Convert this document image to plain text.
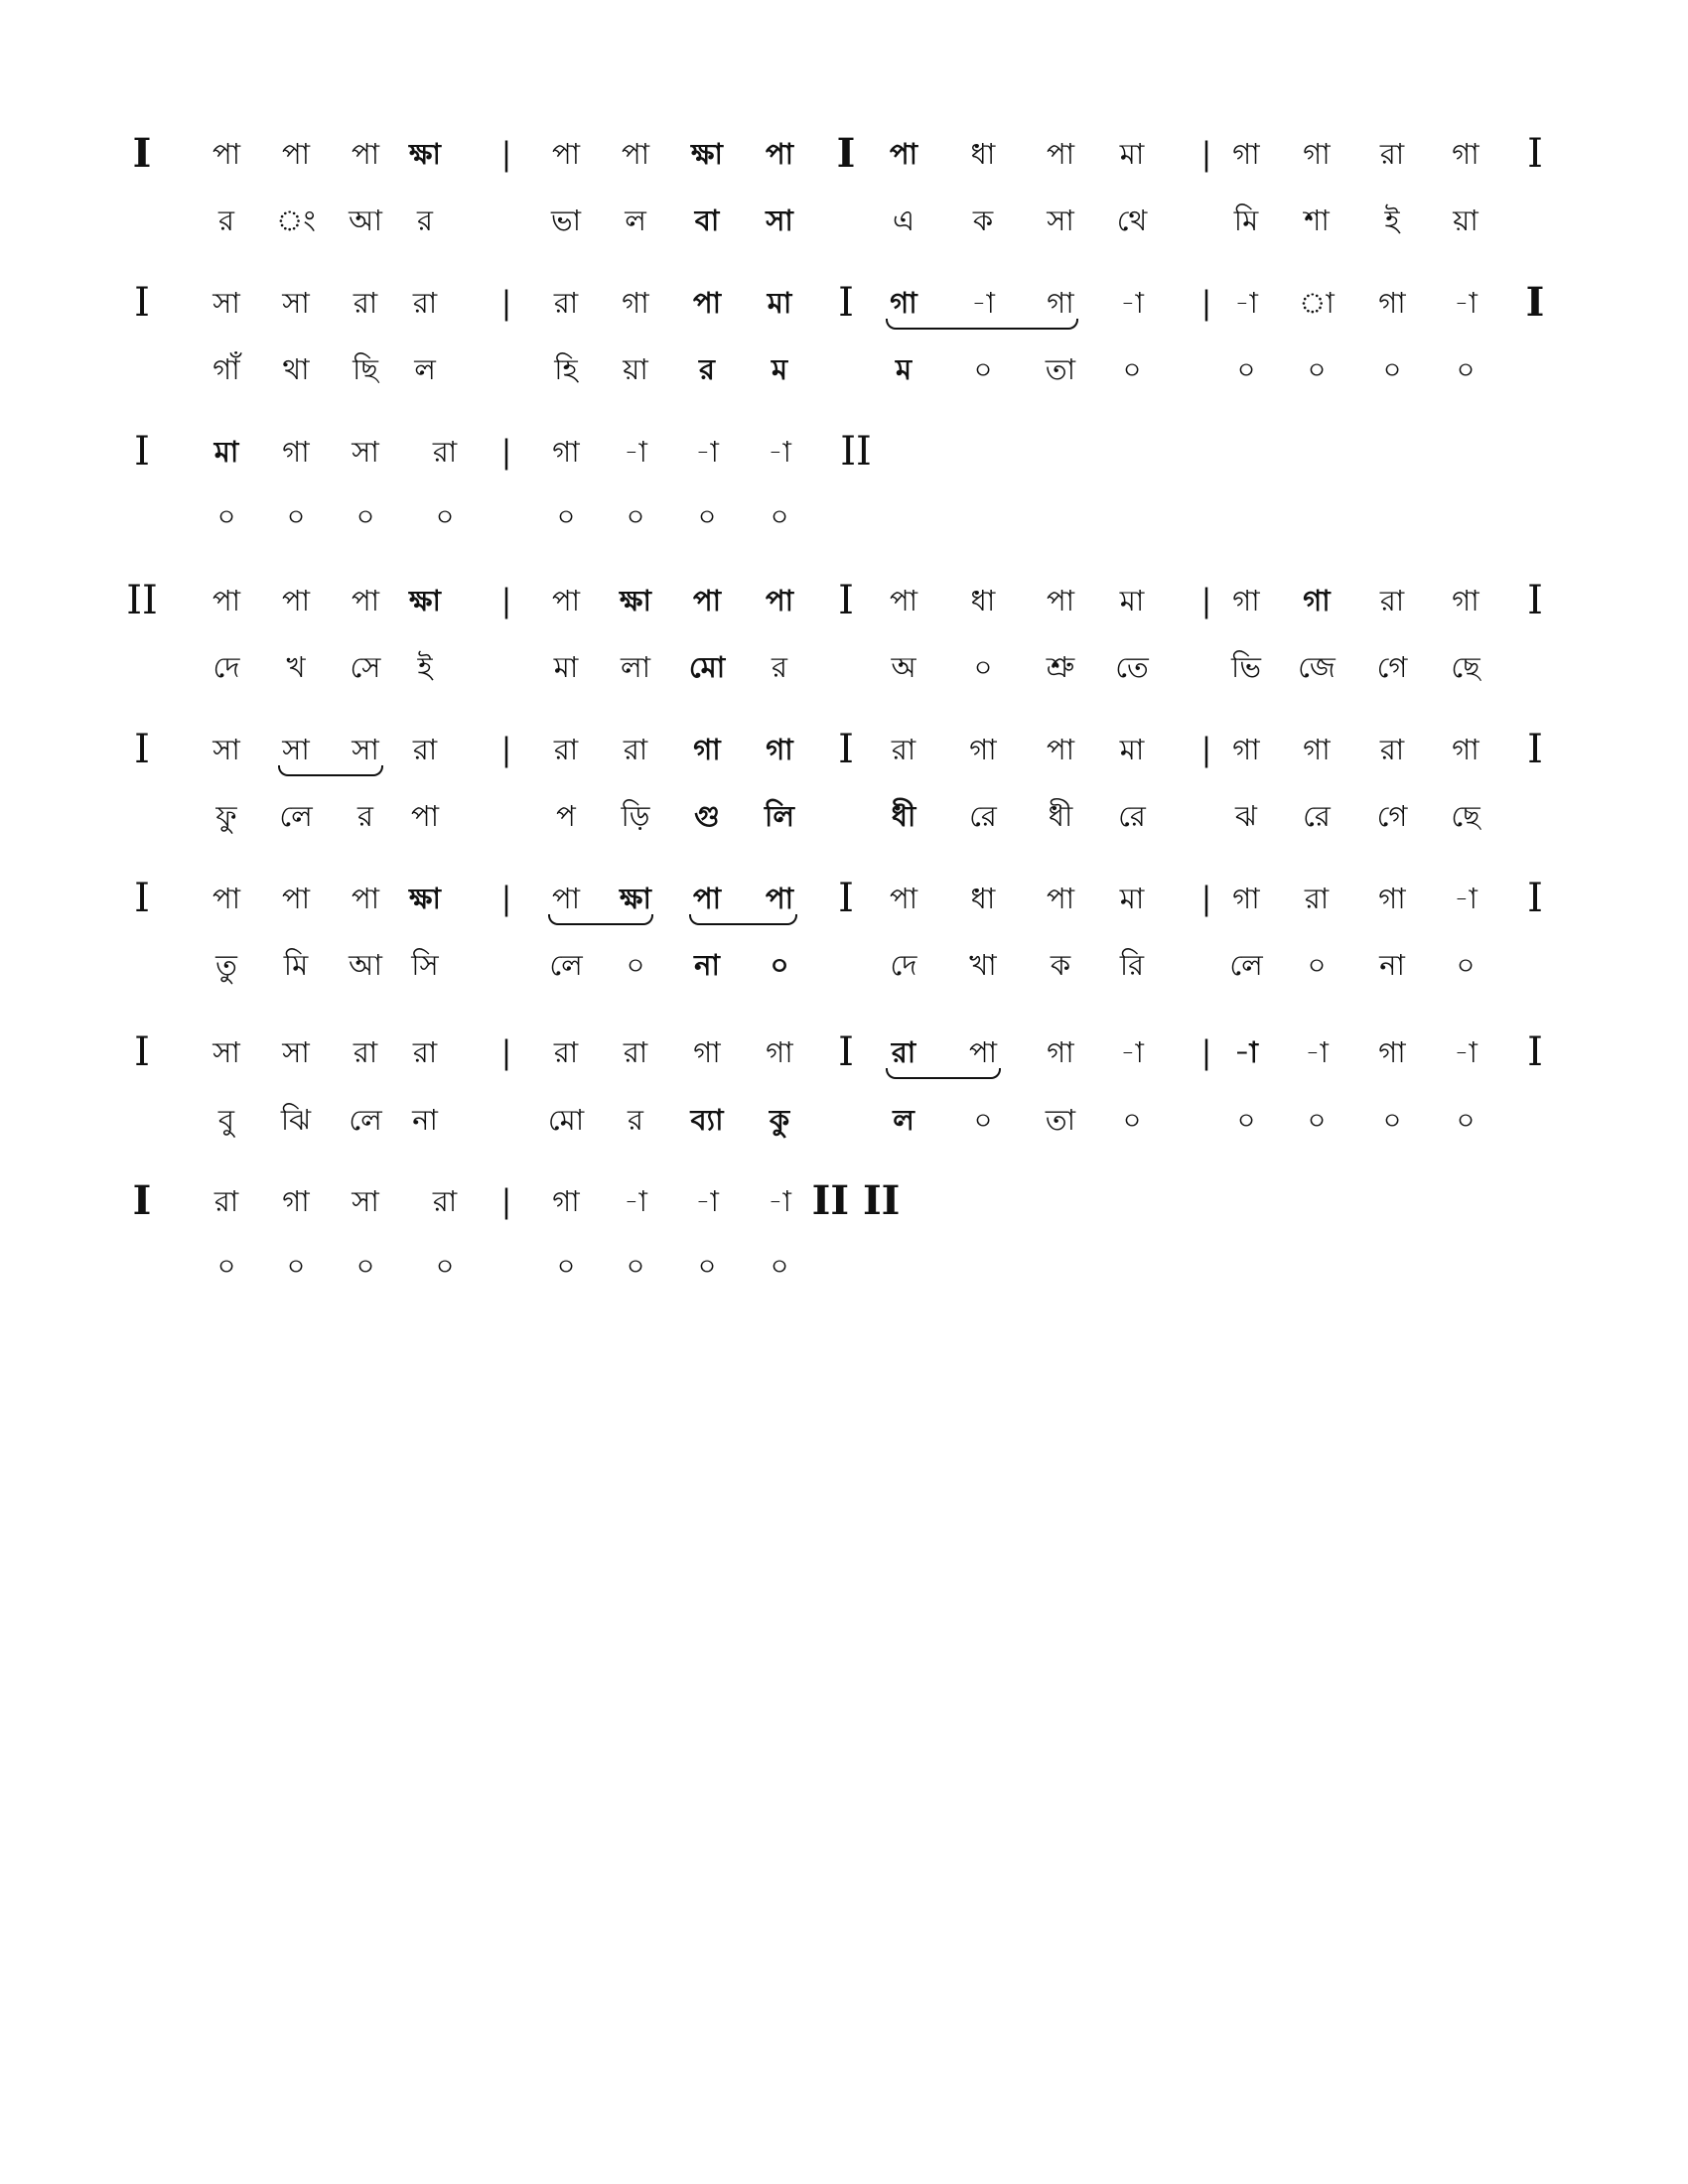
I পা পা পা ক্ষা | পা পা ক্ষা পা I পা ধা পা মা | গা গা রা গা I
র ং আ র	ভা ল বা সা	এ ক সা থে	মি শা ই য়া
I সা সা রা রা | রা গা পা মা I গা -া গা -া | -া া গা -া I
গাঁ থা ছি ল	হি য়া র ম	ম ০ তা ০	০ ০ ০ ০
I মা গা সা রা | গা -া -া -া II
০ ০ ০ ০	০ ০ ০ ০
II পা পা পা ক্ষা | পা ক্ষা পা পা I পা ধা পা মা | গা গা রা গা I
দে খ সে ই	মা লা মো র	অ ০ শ্রু তে	ভি জে গে ছে
I সা সা সা রা | রা রা গা গা I রা গা পা মা | গা গা রা গা I
ফু লে র পা	প ড়ি গু লি	ধী রে ধী রে	ঝ রে গে ছে
I পা পা পা ক্ষা | পা ক্ষা পা পা I পা ধা পা মা | গা রা গা -া I
তু মি আ সি	লে ০ না ০	দে খা ক রি	লে ০ না ০
I সা সা রা রা | রা রা গা গা I রা পা গা -া | -া -া গা -া I
বু ঝি লে না	মো র ব্যা কু	ল ০ তা ০	০ ০ ০ ০
I রা গা সা রা | গা -া -া -া II II
০ ০ ০ ০	০ ০ ০ ০
